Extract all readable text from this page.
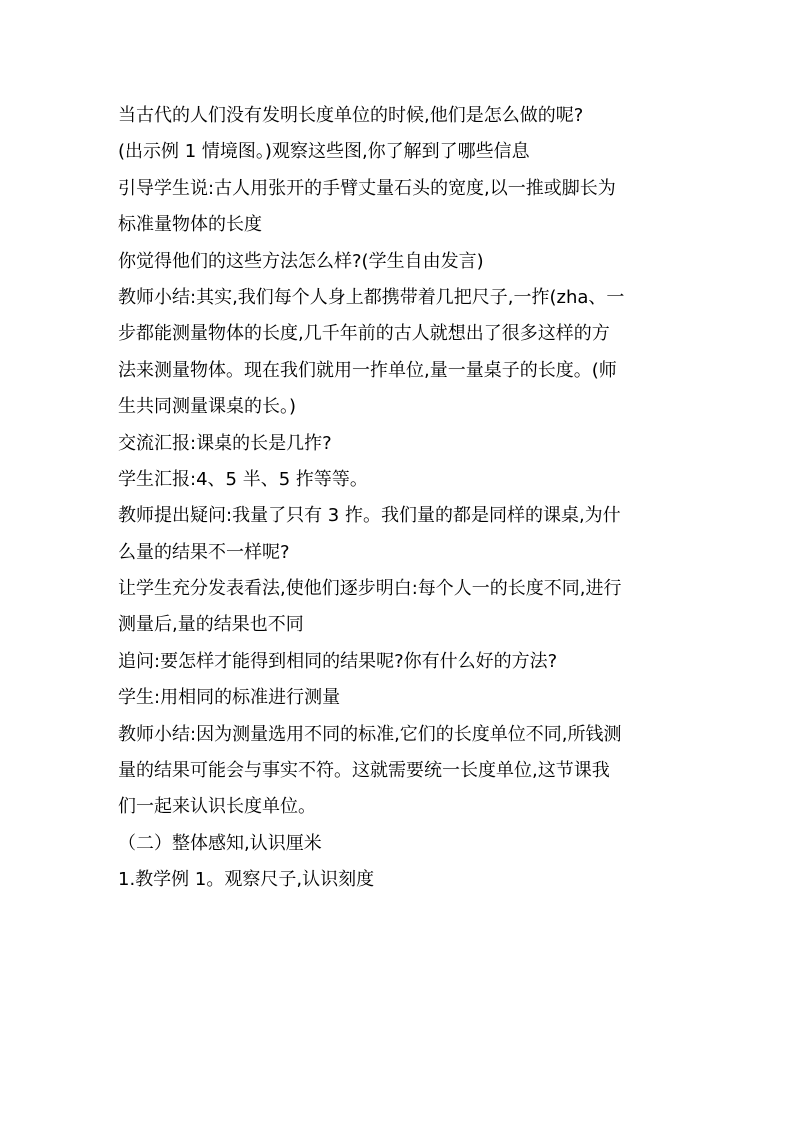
当古代的人们没有发明长度单位的时候,他们是怎么做的呢?
(出示例 1 情境图。)观察这些图,你了解到了哪些信息
引导学生说:古人用张开的手臂丈量石头的宽度,以一推或脚长为
标准量物体的长度
你觉得他们的这些方法怎么样?(学生自由发言)
教师小结:其实,我们每个人身上都携带着几把尺子,一拃(zha、一
步都能测量物体的长度,几千年前的古人就想出了很多这样的方
法来测量物体。现在我们就用一拃单位,量一量桌子的长度。(师
生共同测量课桌的长。)
交流汇报:课桌的长是几拃?
学生汇报:4、5 半、5 拃等等。
教师提出疑问:我量了只有 3 拃。我们量的都是同样的课桌,为什
么量的结果不一样呢?
让学生充分发表看法,使他们逐步明白:每个人一的长度不同,进行
测量后,量的结果也不同
追问:要怎样才能得到相同的结果呢?你有什么好的方法?
学生:用相同的标准进行测量
教师小结:因为测量选用不同的标准,它们的长度单位不同,所钱测
量的结果可能会与事实不符。这就需要统一长度单位,这节课我
们一起来认识长度单位。
（二）整体感知,认识厘米
1.教学例 1。观察尺子,认识刻度
